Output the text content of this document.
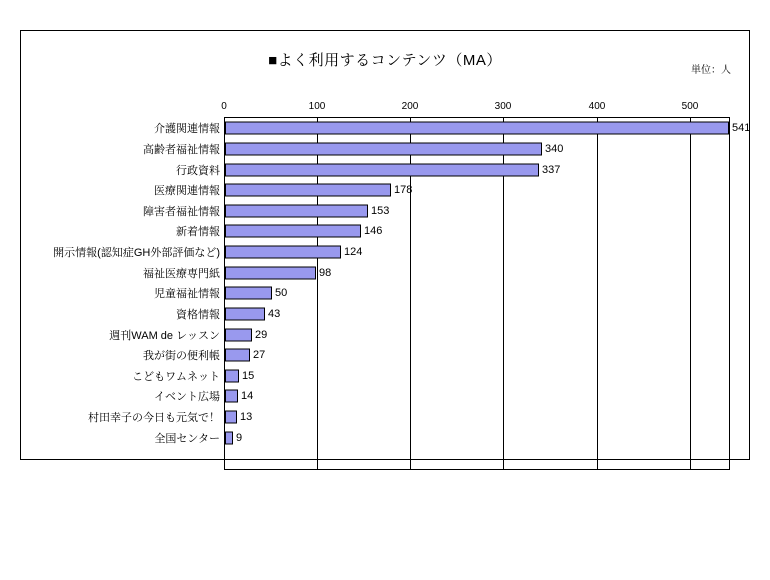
■よく利用するコンテンツ（MA）
単位：人
0	100	200	300	400	500
介護関連情報	541
高齢者福祉情報	340
行政資料	337
医療関連情報	178
障害者福祉情報	153
新着情報	146
開示情報(認知症GH外部評価など)	124
福祉医療専門紙	98
児童福祉情報	50
資格情報	43
週刊WAM de レッスン	29
我が街の便利帳	27
こどもワムネット 15
イベント広場 14
村田幸子の今日も元気で！ 13
全国センター 9
